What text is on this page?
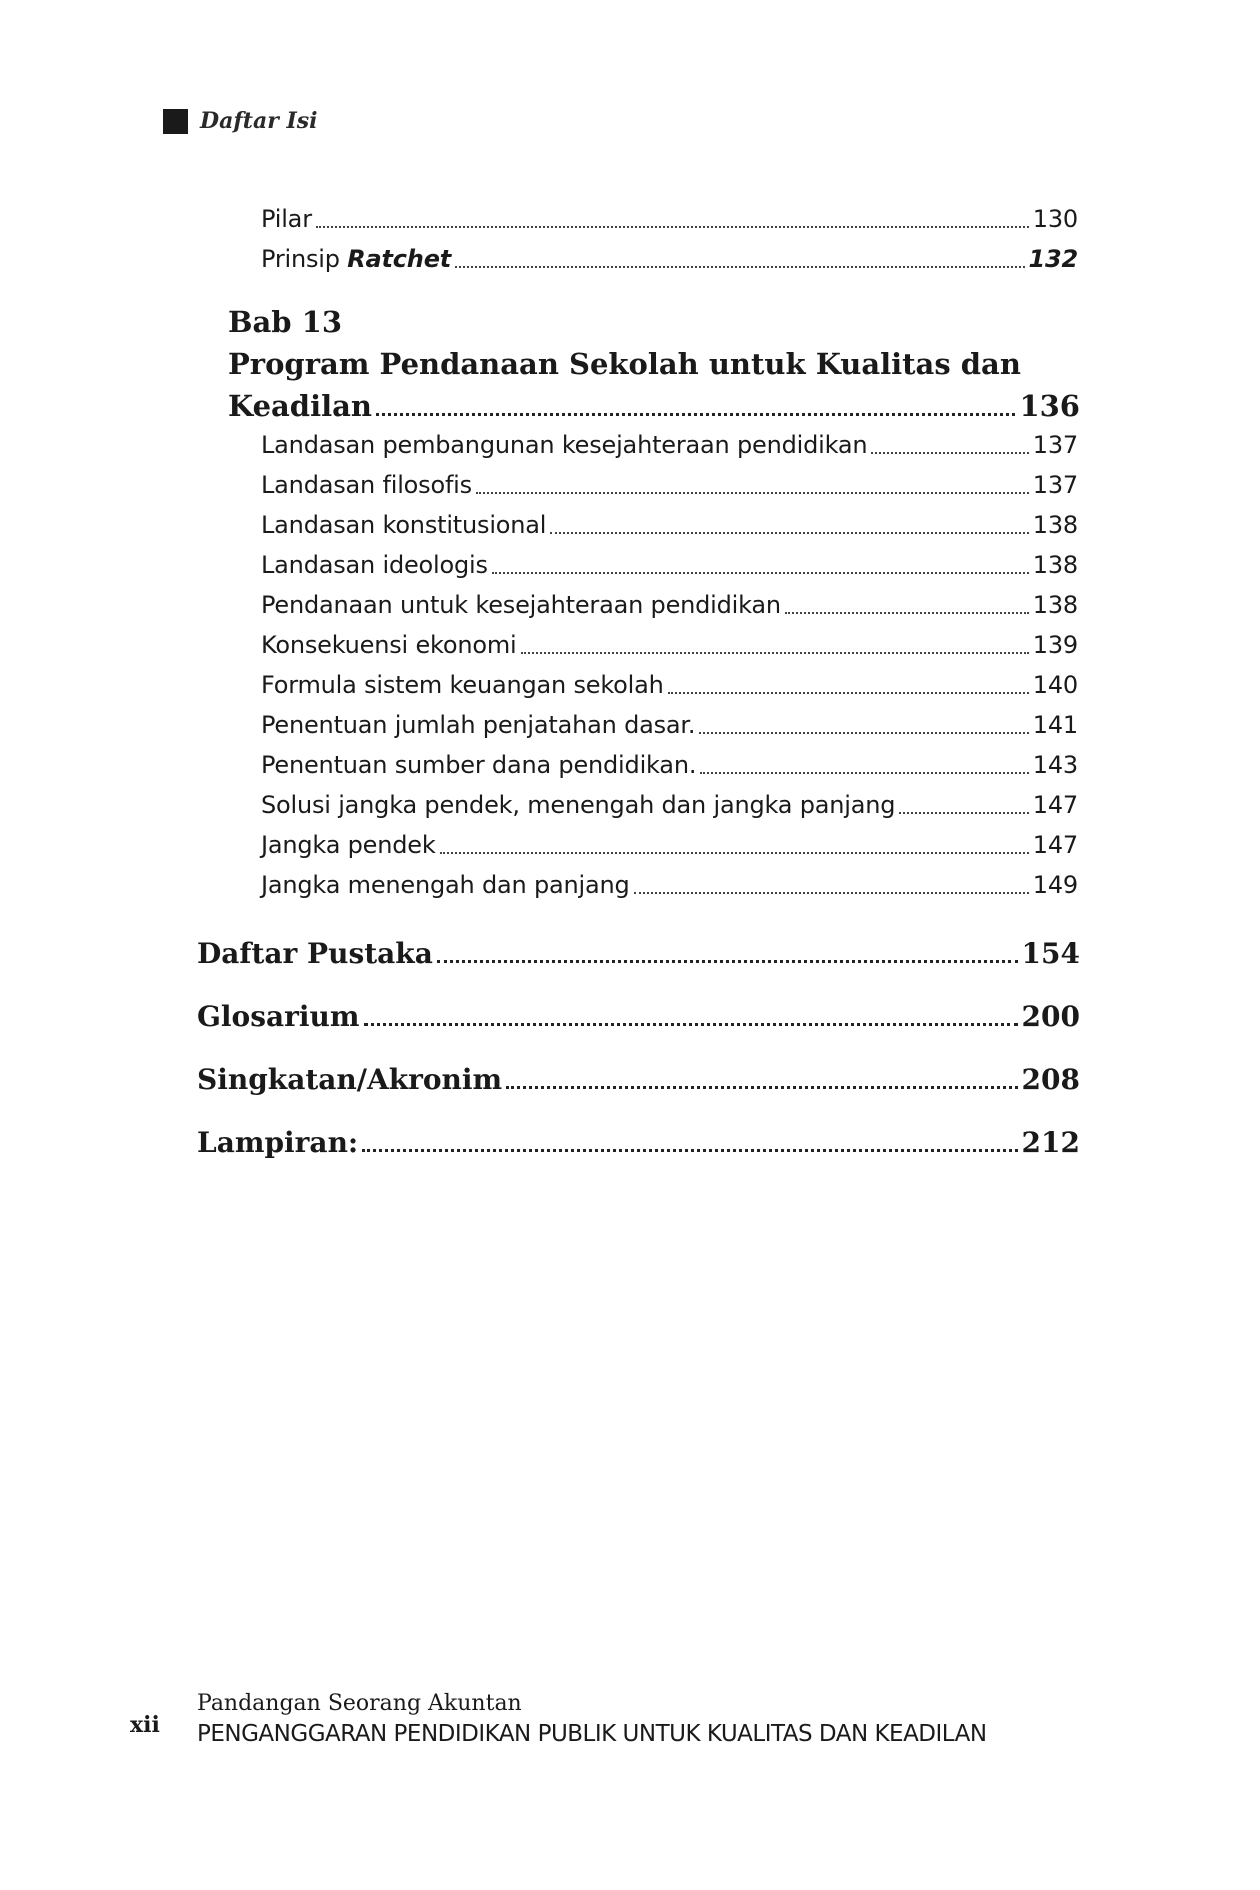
Daftar Isi
Pilar	130
Prinsip Ratchet	132
Bab 13
Program Pendanaan Sekolah untuk Kualitas dan
Keadilan	136
Landasan pembangunan kesejahteraan pendidikan	137
Landasan filosofis	137
Landasan konstitusional	138
Landasan ideologis	138
Pendanaan untuk kesejahteraan pendidikan	138
Konsekuensi ekonomi	139
Formula sistem keuangan sekolah	140
Penentuan jumlah penjatahan dasar.	141
Penentuan sumber dana pendidikan.	143
Solusi jangka pendek, menengah dan jangka panjang	147
Jangka pendek	147
Jangka menengah dan panjang	149
Daftar Pustaka	154
Glosarium	200
Singkatan/Akronim	208
Lampiran:	212
xii
Pandangan Seorang Akuntan
PENGANGGARAN PENDIDIKAN PUBLIK UNTUK KUALITAS DAN KEADILAN
